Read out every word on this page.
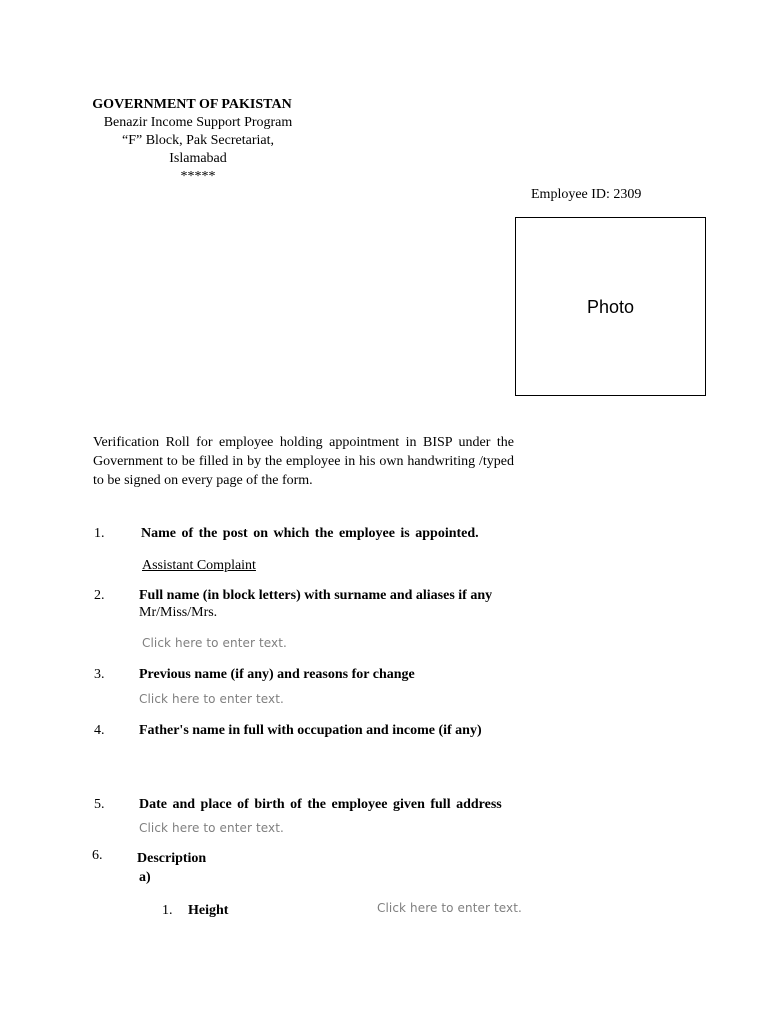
GOVERNMENT OF PAKISTAN
Benazir Income Support Program
“F” Block, Pak Secretariat,
Islamabad
*****
Employee ID: 2309
Photo
Verification Roll for employee holding appointment in BISP under the Government to be filled in by the employee in his own handwriting /typed to be signed on every page of the form.
1.	Name of the post on which the employee is appointed.
Assistant Complaint
2. Full name (in block letters) with surname and aliases if any
Mr/Miss/Mrs.
Click here to enter text.
3. Previous name (if any) and reasons for change
Click here to enter text.
4. Father's name in full with occupation and income (if any)
5. Date and place of birth of the employee given full address
Click here to enter text.
6. Description
a)
1. Height	Click here to enter text.
